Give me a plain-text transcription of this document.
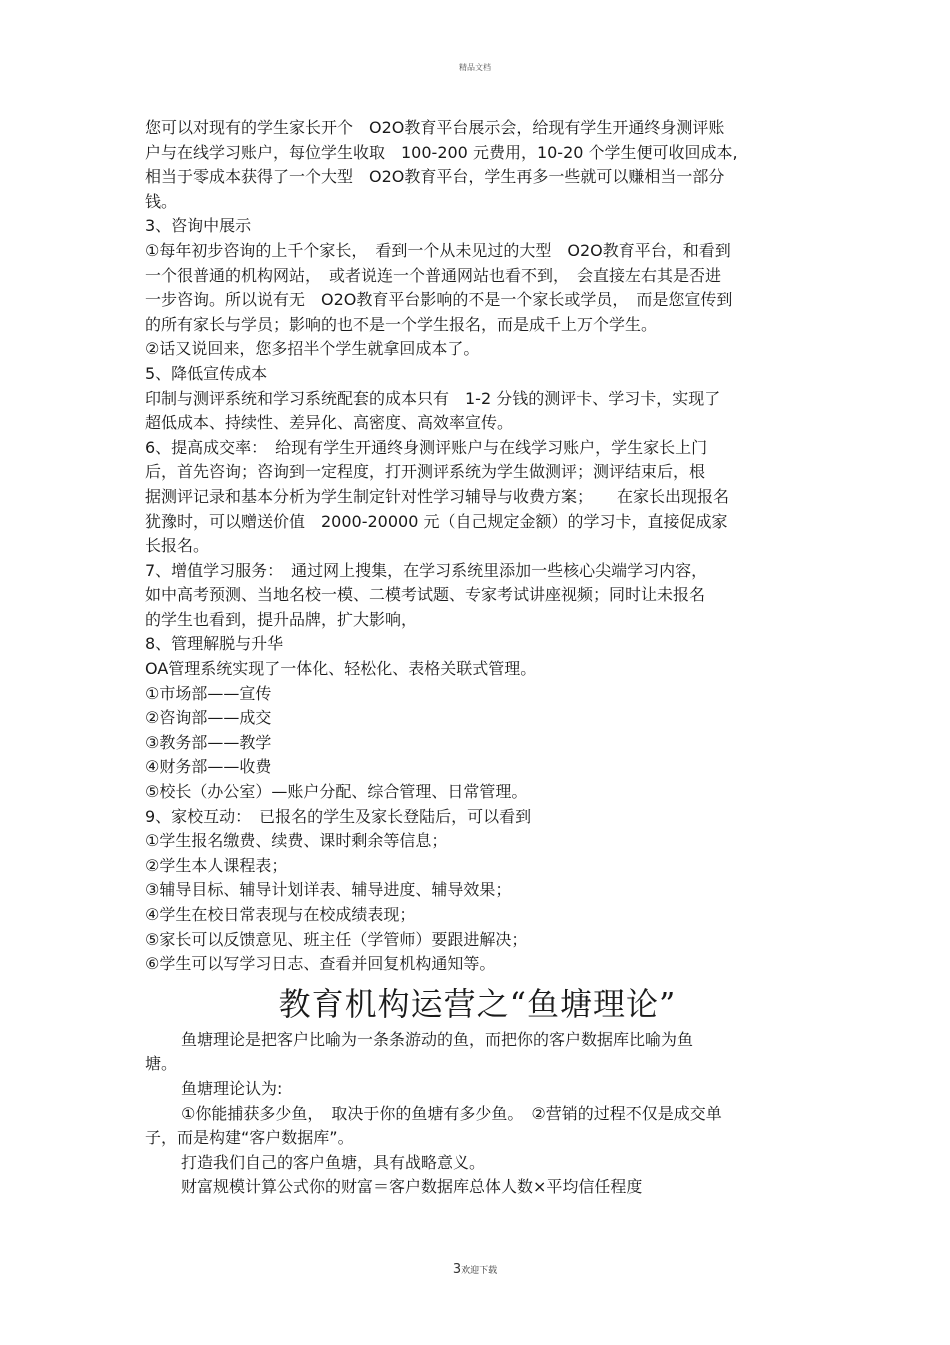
精品文档
您可以对现有的学生家长开个　O2O教育平台展示会，给现有学生开通终身测评账
户与在线学习账户，每位学生收取　100-200 元费用，10-20 个学生便可收回成本,
相当于零成本获得了一个大型　O2O教育平台，学生再多一些就可以赚相当一部分
钱。
3、咨询中展示
①每年初步咨询的上千个家长，　看到一个从未见过的大型　O2O教育平台，和看到
一个很普通的机构网站，　或者说连一个普通网站也看不到，　会直接左右其是否进
一步咨询。所以说有无　O2O教育平台影响的不是一个家长或学员，　而是您宣传到
的所有家长与学员；影响的也不是一个学生报名，而是成千上万个学生。
②话又说回来，您多招半个学生就拿回成本了。
5、降低宣传成本
印制与测评系统和学习系统配套的成本只有　1-2 分钱的测评卡、学习卡，实现了
超低成本、持续性、差异化、高密度、高效率宣传。
6、提高成交率：　给现有学生开通终身测评账户与在线学习账户，学生家长上门
后，首先咨询；咨询到一定程度，打开测评系统为学生做测评；测评结束后，根
据测评记录和基本分析为学生制定针对性学习辅导与收费方案；　　在家长出现报名
犹豫时，可以赠送价值　2000-20000 元（自己规定金额）的学习卡，直接促成家
长报名。
7、增值学习服务：　通过网上搜集，在学习系统里添加一些核心尖端学习内容，
如中高考预测、当地名校一模、二模考试题、专家考试讲座视频；同时让未报名
的学生也看到，提升品牌，扩大影响，
8、管理解脱与升华
OA管理系统实现了一体化、轻松化、表格关联式管理。
①市场部——宣传
②咨询部——成交
③教务部——教学
④财务部——收费
⑤校长（办公室）—账户分配、综合管理、日常管理。
9、家校互动：　已报名的学生及家长登陆后，可以看到
①学生报名缴费、续费、课时剩余等信息；
②学生本人课程表；
③辅导目标、辅导计划详表、辅导进度、辅导效果；
④学生在校日常表现与在校成绩表现；
⑤家长可以反馈意见、班主任（学管师）要跟进解决；
⑥学生可以写学习日志、查看并回复机构通知等。
教育机构运营之“鱼塘理论”
鱼塘理论是把客户比喻为一条条游动的鱼，而把你的客户数据库比喻为鱼
塘。
鱼塘理论认为:
①你能捕获多少鱼，　取决于你的鱼塘有多少鱼。　②营销的过程不仅是成交单
子，而是构建“客户数据库”。
打造我们自己的客户鱼塘，具有战略意义。
财富规模计算公式你的财富＝客户数据库总体人数×平均信任程度
3欢迎下载
